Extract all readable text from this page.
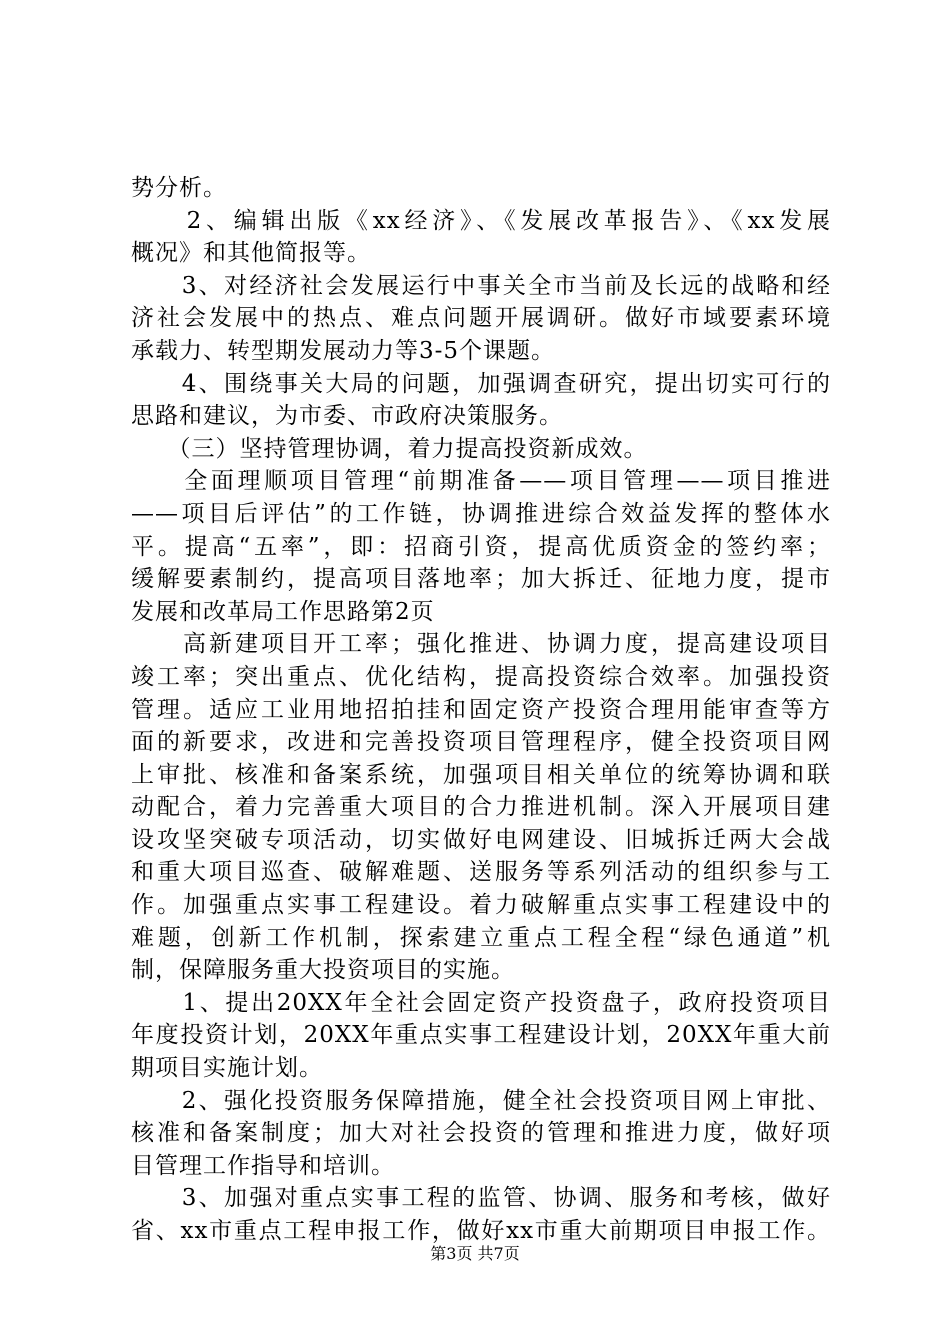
势分析。
　　2、编辑出版《xx经济》、《发展改革报告》、《xx发展
概况》和其他简报等。
　　3、对经济社会发展运行中事关全市当前及长远的战略和经
济社会发展中的热点、难点问题开展调研。做好市域要素环境
承载力、转型期发展动力等3-5个课题。
　　4、围绕事关大局的问题，加强调查研究，提出切实可行的
思路和建议，为市委、市政府决策服务。
　　（三）坚持管理协调，着力提高投资新成效。
　　全面理顺项目管理“前期准备——项目管理——项目推进
——项目后评估”的工作链，协调推进综合效益发挥的整体水
平。提高“五率”，即：招商引资，提高优质资金的签约率；
缓解要素制约，提高项目落地率；加大拆迁、征地力度，提市
发展和改革局工作思路第2页
　　高新建项目开工率；强化推进、协调力度，提高建设项目
竣工率；突出重点、优化结构，提高投资综合效率。加强投资
管理。适应工业用地招拍挂和固定资产投资合理用能审查等方
面的新要求，改进和完善投资项目管理程序，健全投资项目网
上审批、核准和备案系统，加强项目相关单位的统筹协调和联
动配合，着力完善重大项目的合力推进机制。深入开展项目建
设攻坚突破专项活动，切实做好电网建设、旧城拆迁两大会战
和重大项目巡查、破解难题、送服务等系列活动的组织参与工
作。加强重点实事工程建设。着力破解重点实事工程建设中的
难题，创新工作机制，探索建立重点工程全程“绿色通道”机
制，保障服务重大投资项目的实施。
　　1、提出20XX年全社会固定资产投资盘子，政府投资项目
年度投资计划，20XX年重点实事工程建设计划，20XX年重大前
期项目实施计划。
　　2、强化投资服务保障措施，健全社会投资项目网上审批、
核准和备案制度；加大对社会投资的管理和推进力度，做好项
目管理工作指导和培训。
　　3、加强对重点实事工程的监管、协调、服务和考核，做好
省、xx市重点工程申报工作，做好xx市重大前期项目申报工作。
第3页 共7页
